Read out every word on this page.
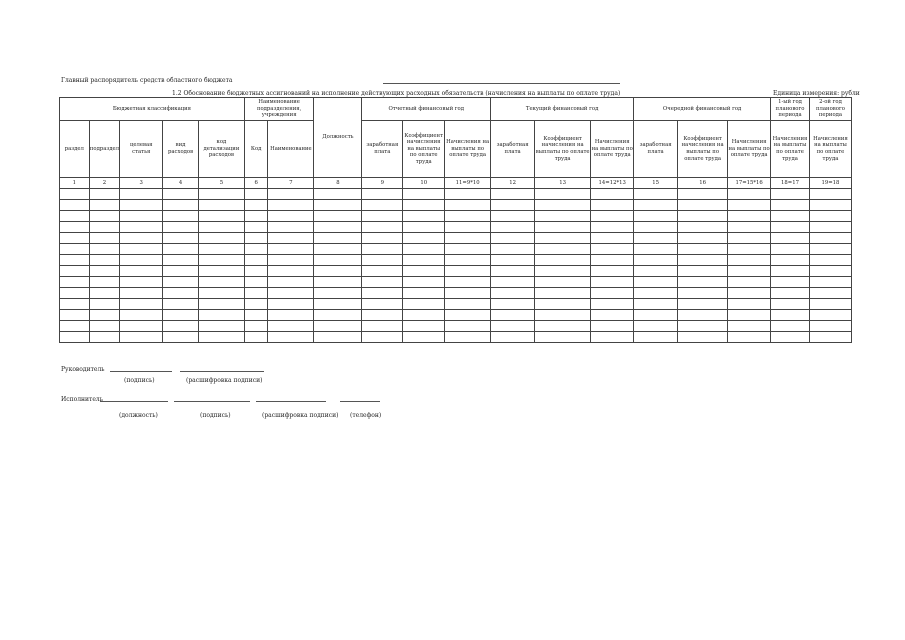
Главный распорядитель средств областного бюджета
1.2 Обоснование бюджетных ассигнований на исполнение действующих расходных обязательств (начисления на выплаты по оплате труда)	Единица измерения: рубли
Бюджетная классификация					Наименование подразделения, учреждения		Должность	Отчетный финансовый год			Текущий финансовый год			Очередной финансовый год			1-ый год планового периода	2-ой год планового периода
раздел	подраздел	целевая статья	вид расходов	код детализации расходов	Код	Наименование		заработная плата	Коэффициент начисления на выплаты по оплате труда	Начисления на выплаты по оплате труда	заработная плата	Коэффициент начисления на выплаты по оплате труда	Начисления на выплаты по оплате труда	заработная плата	Коэффициент начисления на выплаты по оплате труда	Начисления на выплаты по оплате труда	Начисления на выплаты по оплате труда	Начисления на выплаты по оплате труда
1	2	3	4	5	6	7	8	9	10	11=9*10	12	13	14=12*13	15	16	17=15*16	18=17	19=18

Руководитель
(подпись)	(расшифровка подписи)
Исполнитель
(должность)	(подпись)	(расшифровка подписи) (телефон)
